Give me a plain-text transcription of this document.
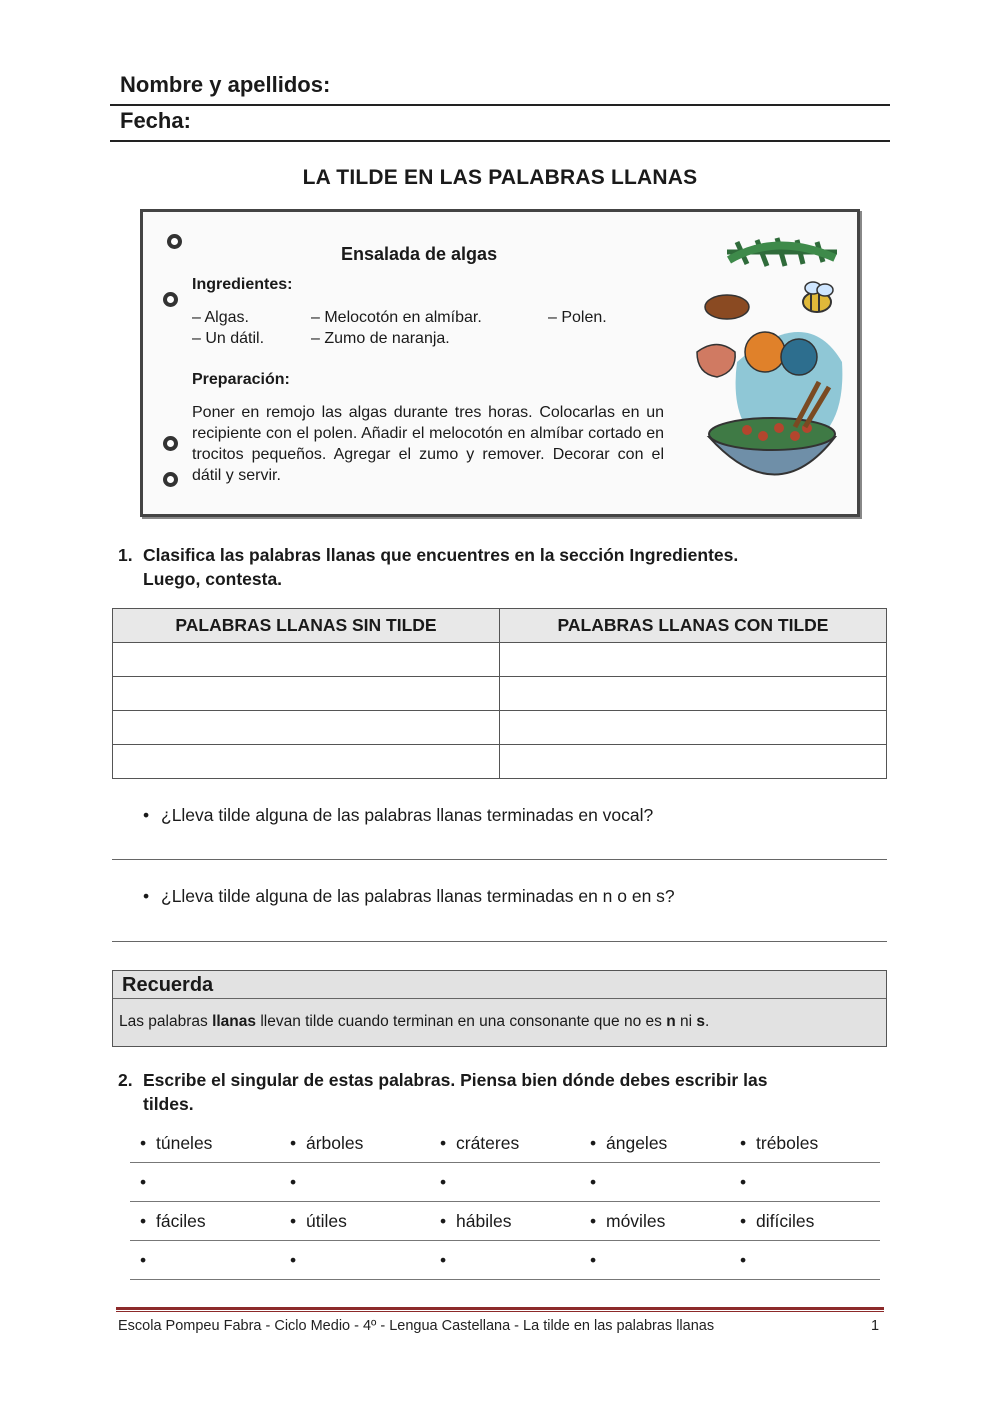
Nombre y apellidos:
Fecha:
LA TILDE EN LAS PALABRAS LLANAS
Ensalada de algas
Ingredientes:
– Algas.	– Melocotón en almíbar.	– Polen.
– Un dátil.	– Zumo de naranja.
Preparación:
Poner en remojo las algas durante tres horas. Colocarlas en un recipiente con el polen. Añadir el melocotón en almíbar cortado en trocitos pequeños. Agregar el zumo y remover. Decorar con el dátil y servir.
1. Clasifica las palabras llanas que encuentres en la sección Ingredientes.
Luego, contesta.
PALABRAS LLANAS SIN TILDE	PALABRAS LLANAS CON TILDE

• ¿Lleva tilde alguna de las palabras llanas terminadas en vocal?
• ¿Lleva tilde alguna de las palabras llanas terminadas en n o en s?
Recuerda
Las palabras llanas llevan tilde cuando terminan en una consonante que no es n ni s.
2. Escribe el singular de estas palabras. Piensa bien dónde debes escribir las
tildes.
• túneles	• árboles	• cráteres	• ángeles	• tréboles
•	•	•	•	•
• fáciles	• útiles	• hábiles	• móviles	• difíciles
•	•	•	•	•
Escola Pompeu Fabra - Ciclo Medio - 4º - Lengua Castellana - La tilde en las palabras llanas	1
